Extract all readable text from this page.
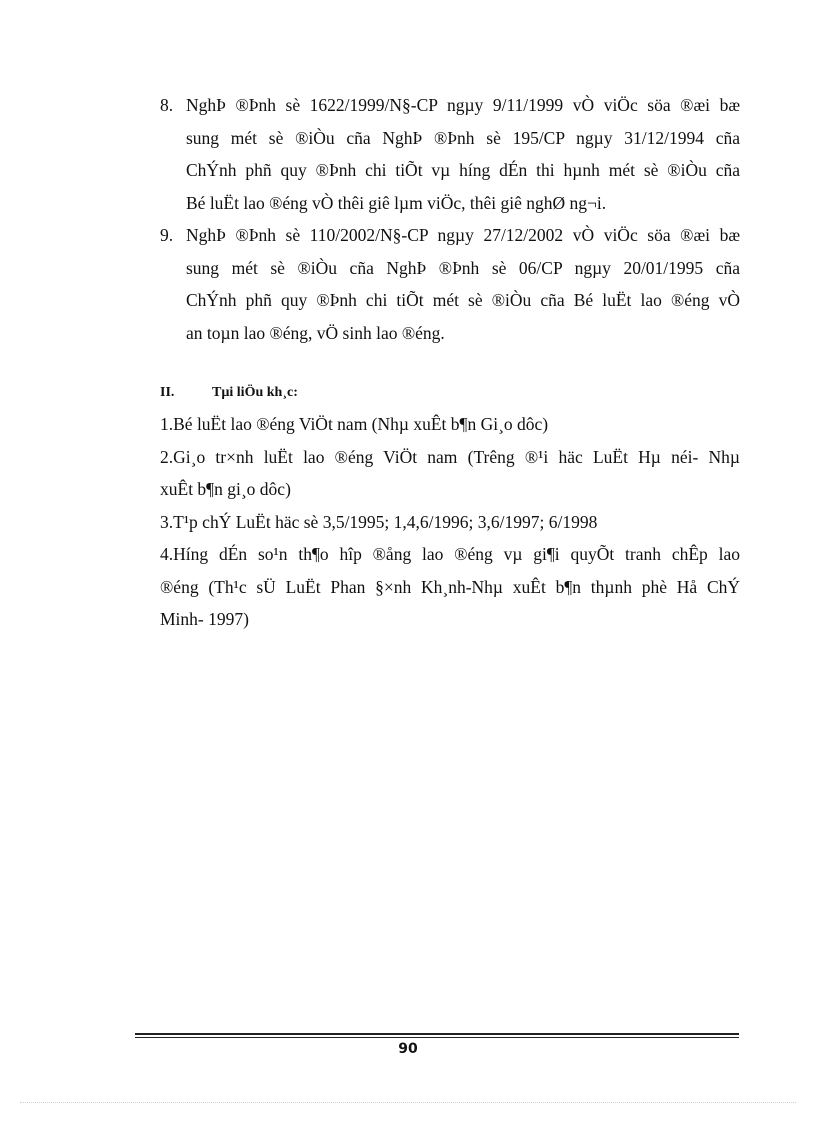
8. NghÞ ®Þnh sè 1622/1999/N§-CP ngµy 9/11/1999 vÒ viÖc söa ®æi bæ
sung mét sè ®iÒu cña NghÞ ®Þnh sè 195/CP ngµy 31/12/1994 cña
ChÝnh phñ quy ®Þnh chi tiÕt vµ híng dÉn thi hµnh mét sè ®iÒu cña
Bé luËt lao ®éng vÒ thêi giê lµm viÖc, thêi giê nghØ ng¬i.
9. NghÞ ®Þnh sè 110/2002/N§-CP ngµy 27/12/2002 vÒ viÖc söa ®æi bæ
sung mét sè ®iÒu cña NghÞ ®Þnh sè 06/CP ngµy 20/01/1995 cña
ChÝnh phñ quy ®Þnh chi tiÕt mét sè ®iÒu cña Bé luËt lao ®éng vÒ
an toµn lao ®éng, vÖ sinh lao ®éng.
II.	Tµi liÖu kh¸c:
1.Bé luËt lao ®éng ViÖt nam (Nhµ xuÊt b¶n Gi¸o dôc)
2.Gi¸o tr×nh luËt lao ®éng ViÖt nam (Trêng ®¹i häc LuËt Hµ néi- Nhµ
xuÊt b¶n gi¸o dôc)
3.T¹p chÝ LuËt häc sè 3,5/1995; 1,4,6/1996; 3,6/1997; 6/1998
4.Híng dÉn so¹n th¶o hîp ®ång lao ®éng vµ gi¶i quyÕt tranh chÊp lao
®éng (Th¹c sÜ LuËt Phan §×nh Kh¸nh-Nhµ xuÊt b¶n thµnh phè Hå ChÝ
Minh- 1997)
90
